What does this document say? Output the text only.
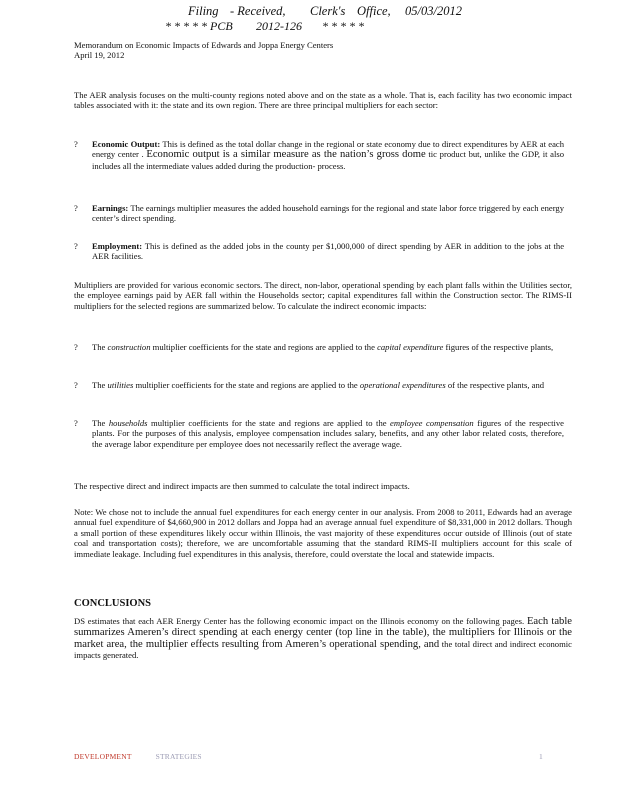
Filing - Received, Clerk's Office, 05/03/2012
* * * * * PCB 2012-126 * * * * *
Memorandum on Economic Impacts of Edwards and Joppa Energy Centers
April 19, 2012
The AER analysis focuses on the multi-county regions noted above and on the state as a whole. That is, each facility has two economic impact tables associated with it: the state and its own region. There are three principal multipliers for each sector:
? Economic Output: This is defined as the total dollar change in the regional or state economy due to direct expenditures by AER at each energy center . Economic output is a similar measure as the nation’s gross dome tic product but, unlike the GDP, it also includes all the intermediate values added during the production- process.
? Earnings: The earnings multiplier measures the added household earnings for the regional and state labor force triggered by each energy center’s direct spending.
? Employment: This is defined as the added jobs in the county per $1,000,000 of direct spending by AER in addition to the jobs at the AER facilities.
Multipliers are provided for various economic sectors. The direct, non-labor, operational spending by each plant falls within the Utilities sector, the employee earnings paid by AER fall within the Households sector; capital expenditures fall within the Construction sector. The RIMS-II multipliers for the selected regions are summarized below. To calculate the indirect economic impacts:
? The construction multiplier coefficients for the state and regions are applied to the capital expenditure figures of the respective plants,
? The utilities multiplier coefficients for the state and regions are applied to the operational expenditures of the respective plants, and
? The households multiplier coefficients for the state and regions are applied to the employee compensation figures of the respective plants. For the purposes of this analysis, employee compensation includes salary, benefits, and any other labor related costs, therefore, the average labor expenditure per employee does not necessarily reflect the average wage.
The respective direct and indirect impacts are then summed to calculate the total indirect impacts.
Note: We chose not to include the annual fuel expenditures for each energy center in our analysis. From 2008 to 2011, Edwards had an average annual fuel expenditure of $4,660,900 in 2012 dollars and Joppa had an average annual fuel expenditure of $8,331,000 in 2012 dollars. Though a small portion of these expenditures likely occur within Illinois, the vast majority of these expenditures occur outside of Illinois (out of state coal and transportation costs); therefore, we are uncomfortable assuming that the standard RIMS-II multipliers account for this scale of immediate leakage. Including fuel expenditures in this analysis, therefore, could overstate the local and statewide impacts.
CONCLUSIONS
DS estimates that each AER Energy Center has the following economic impact on the Illinois economy on the following pages. Each table summarizes Ameren’s direct spending at each energy center (top line in the table), the multipliers for Illinois or the market area, the multiplier effects resulting from Ameren’s operational spending, and the total direct and indirect economic impacts generated.
DEVELOPMENT	STRATEGIES	1
